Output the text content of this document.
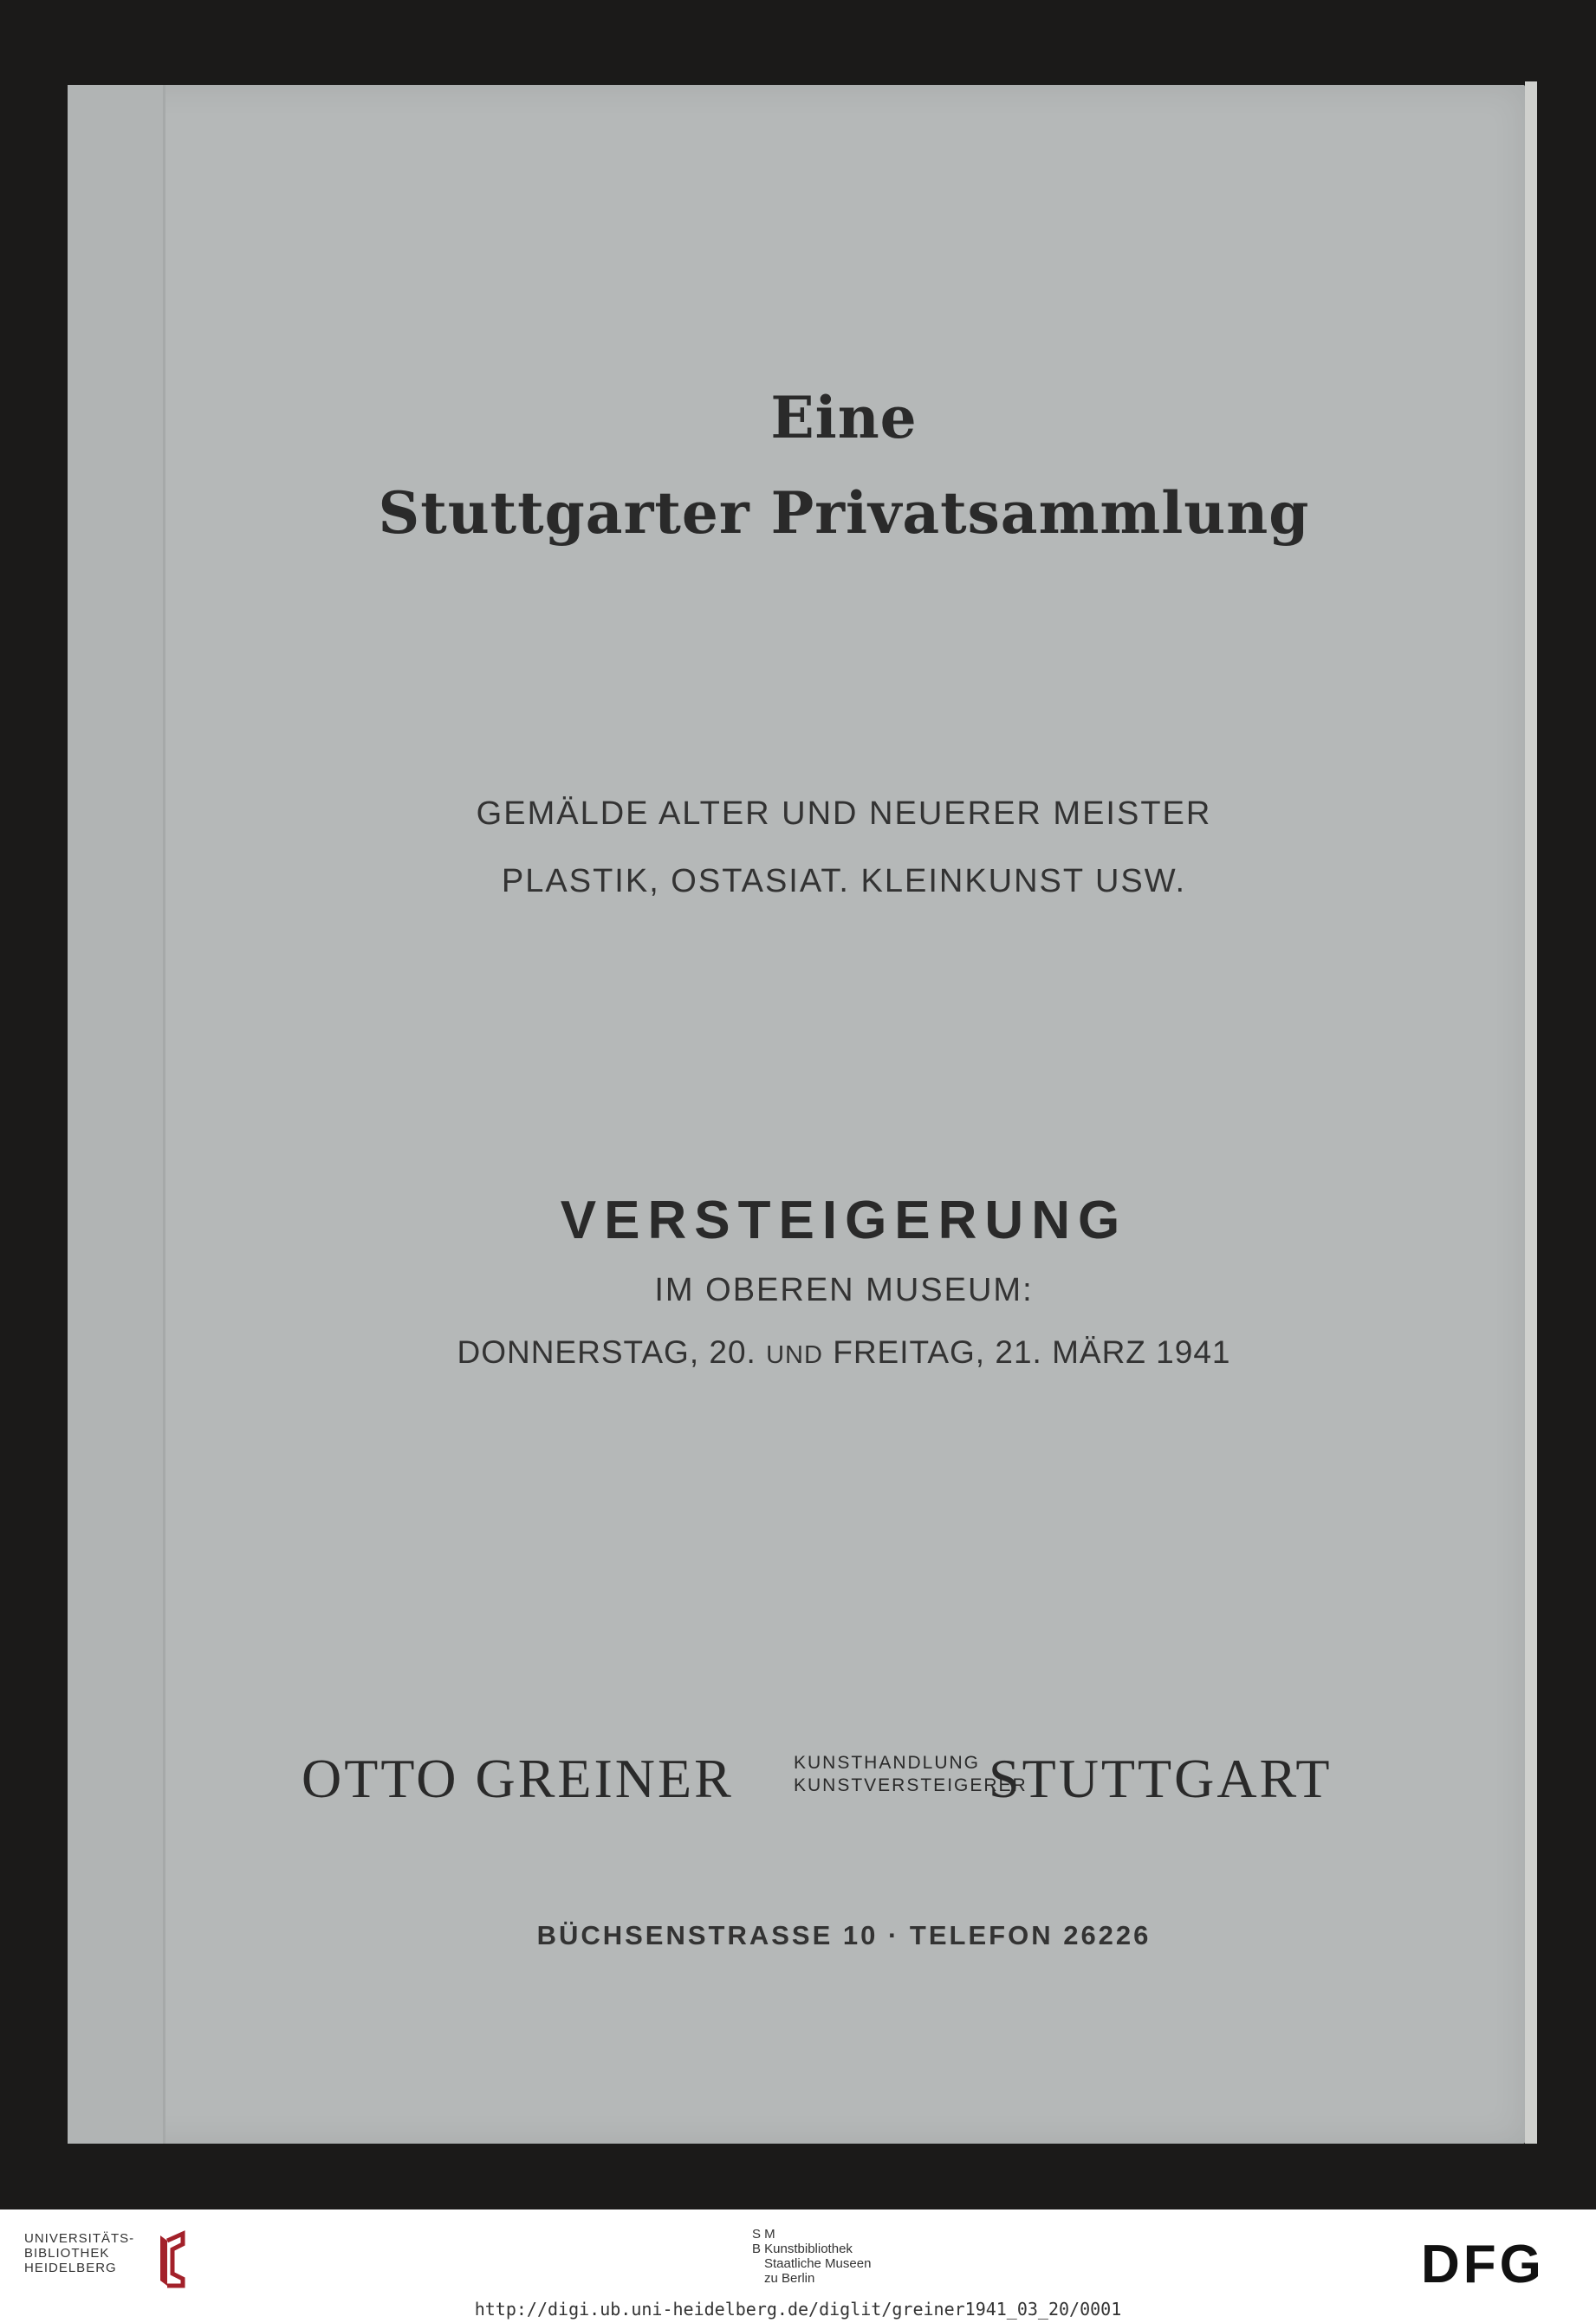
Eine
Stuttgarter Privatsammlung
GEMÄLDE ALTER UND NEUERER MEISTER
PLASTIK, OSTASIAT. KLEINKUNST USW.
VERSTEIGERUNG
IM OBEREN MUSEUM:
DONNERSTAG, 20. UND FREITAG, 21. MÄRZ 1941
OTTO GREINER	KUNSTHANDLUNG
KUNSTVERSTEIGERER
STUTTGART
BÜCHSENSTRASSE 10 · TELEFON 26226
UNIVERSITÄTS-
BIBLIOTHEK
HEIDELBERG
S M
B Kunstbibliothek
Staatliche Museen
zu Berlin	DFG
http://digi.ub.uni-heidelberg.de/diglit/greiner1941_03_20/0001
